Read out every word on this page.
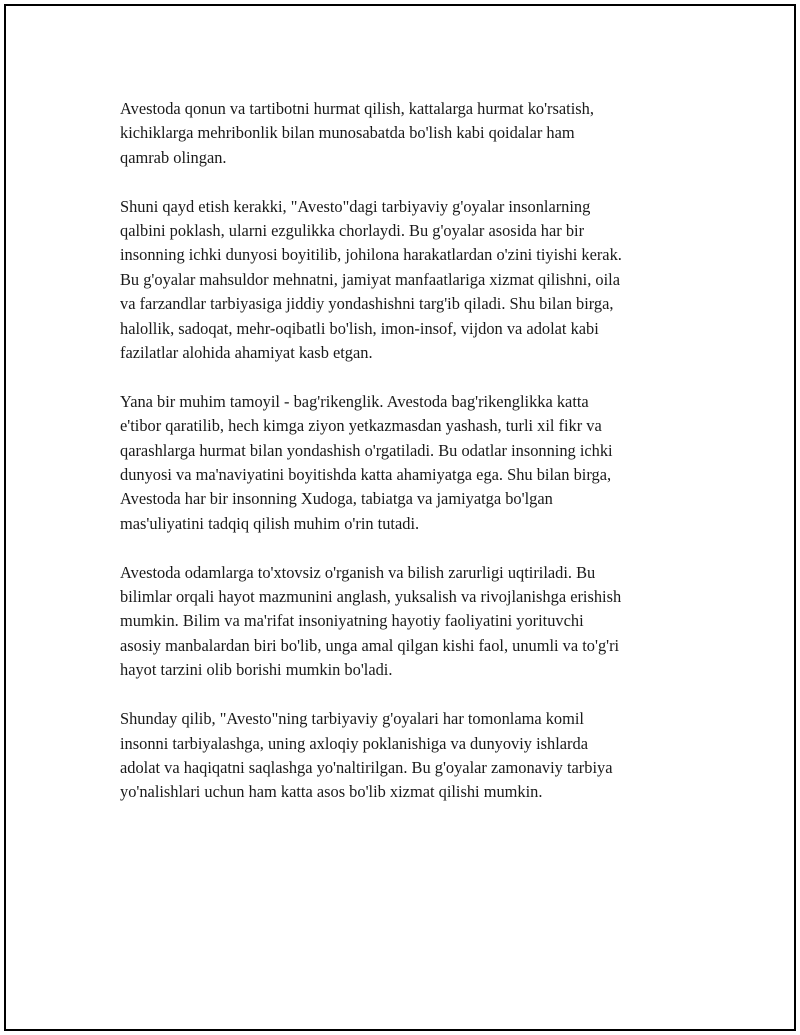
Avestoda qonun va tartibotni hurmat qilish, kattalarga hurmat ko'rsatish,
kichiklarga mehribonlik bilan munosabatda bo'lish kabi qoidalar ham
qamrab olingan.

Shuni qayd etish kerakki, "Avesto"dagi tarbiyaviy g'oyalar insonlarning
qalbini poklash, ularni ezgulikka chorlaydi. Bu g'oyalar asosida har bir
insonning ichki dunyosi boyitilib, johilona harakatlardan o'zini tiyishi kerak.
Bu g'oyalar mahsuldor mehnatni, jamiyat manfaatlariga xizmat qilishni, oila
va farzandlar tarbiyasiga jiddiy yondashishni targ'ib qiladi. Shu bilan birga,
halollik, sadoqat, mehr-oqibatli bo'lish, imon-insof, vijdon va adolat kabi
fazilatlar alohida ahamiyat kasb etgan.

Yana bir muhim tamoyil - bag'rikenglik. Avestoda bag'rikenglikka katta
e'tibor qaratilib, hech kimga ziyon yetkazmasdan yashash, turli xil fikr va
qarashlarga hurmat bilan yondashish o'rgatiladi. Bu odatlar insonning ichki
dunyosi va ma'naviyatini boyitishda katta ahamiyatga ega. Shu bilan birga,
Avestoda har bir insonning Xudoga, tabiatga va jamiyatga bo'lgan
mas'uliyatini tadqiq qilish muhim o'rin tutadi.

Avestoda odamlarga to'xtovsiz o'rganish va bilish zarurligi uqtiriladi. Bu
bilimlar orqali hayot mazmunini anglash, yuksalish va rivojlanishga erishish
mumkin. Bilim va ma'rifat insoniyatning hayotiy faoliyatini yorituvchi
asosiy manbalardan biri bo'lib, unga amal qilgan kishi faol, unumli va to'g'ri
hayot tarzini olib borishi mumkin bo'ladi.

Shunday qilib, "Avesto"ning tarbiyaviy g'oyalari har tomonlama komil
insonni tarbiyalashga, uning axloqiy poklanishiga va dunyoviy ishlarda
adolat va haqiqatni saqlashga yo'naltirilgan. Bu g'oyalar zamonaviy tarbiya
yo'nalishlari uchun ham katta asos bo'lib xizmat qilishi mumkin.
